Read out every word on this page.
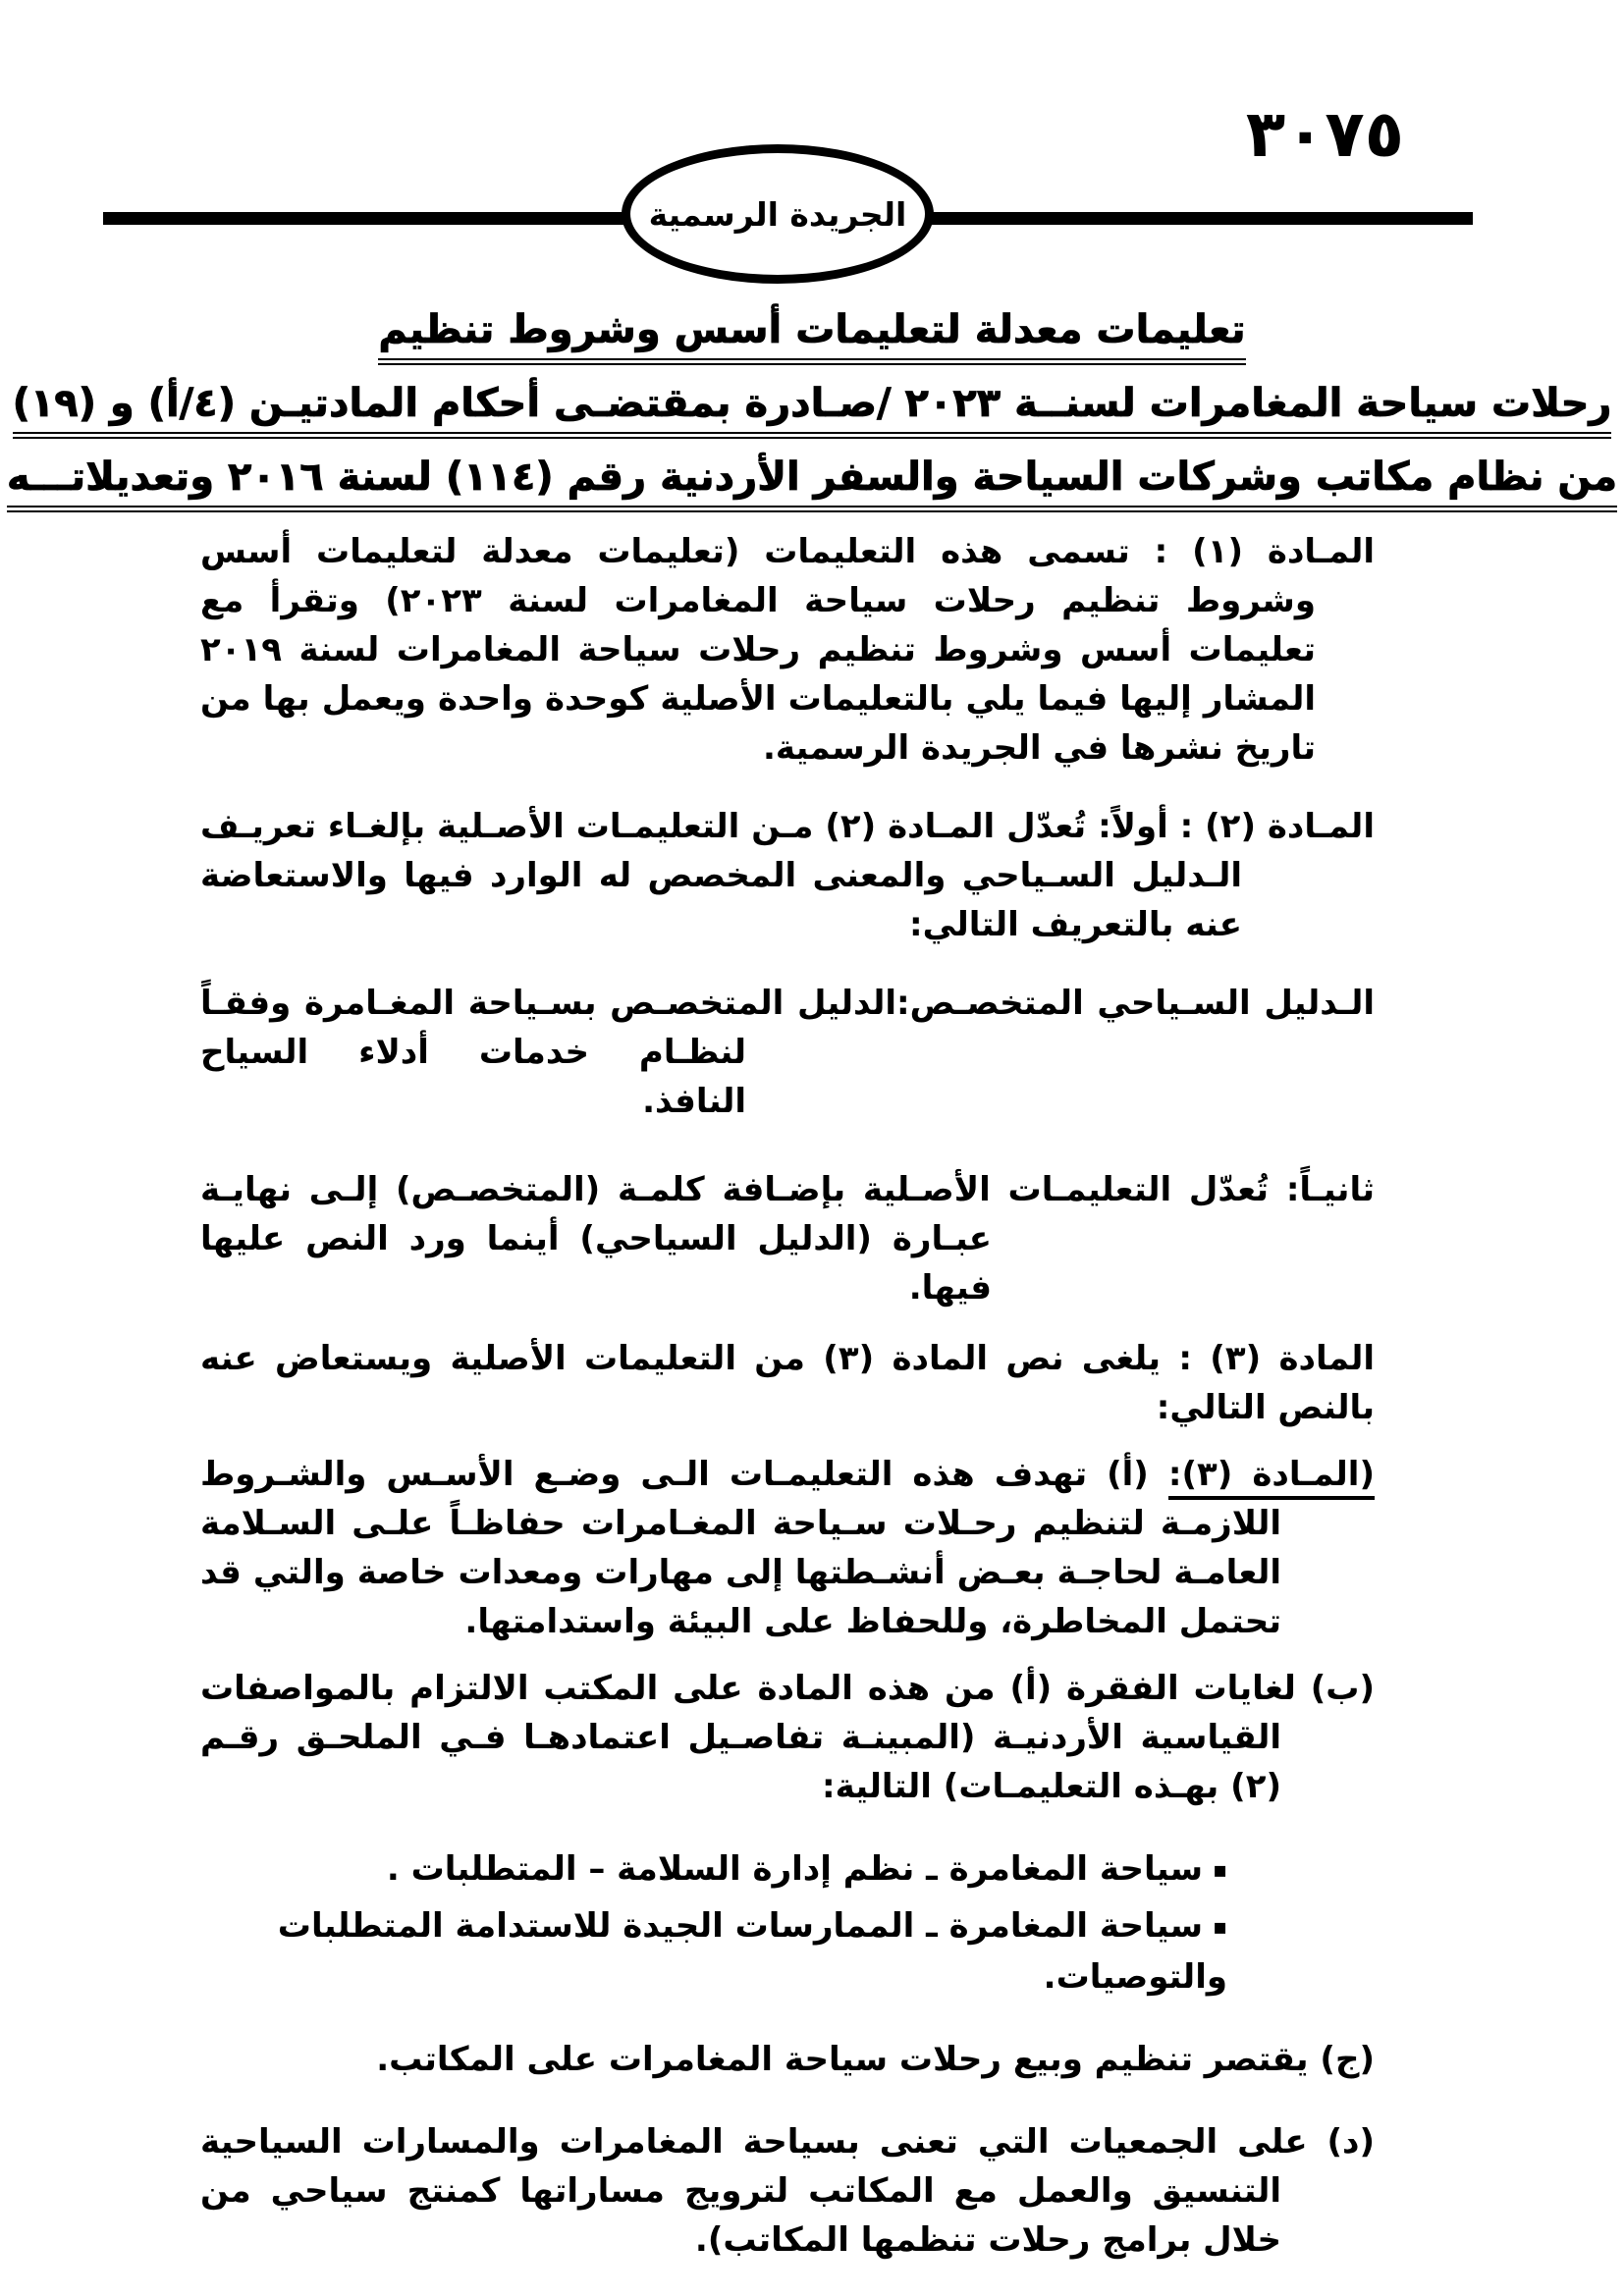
٣٠٧٥
الجريدة الرسمية
تعليمات معدلة لتعليمات أسس وشروط تنظيم
رحلات سياحة المغامرات لسنــة ٢٠٢٣ /صـادرة بمقتضـى أحكام المادتيـن (٤/أ) و (١٩)
من نظام مكاتب وشركات السياحة والسفر الأردنية رقم (١١٤) لسنة ٢٠١٦ وتعديلاتـــه

المـادة (١) : تسمى هذه التعليمات (تعليمات معدلة لتعليمات أسس وشروط تنظيم رحلات سياحة المغامرات لسنة ٢٠٢٣) وتقرأ مع تعليمات أسس وشروط تنظيم رحلات سياحة المغامرات لسنة ٢٠١٩ المشار إليها فيما يلي بالتعليمات الأصلية كوحدة واحدة ويعمل بها من تاريخ نشرها في الجريدة الرسمية.

المـادة (٢) : أولاً: تُعدّل المـادة (٢) مـن التعليمـات الأصـلية بإلغـاء تعريـف الـدليل السـياحي والمعنى المخصص له الوارد فيها والاستعاضة عنه بالتعريف التالي:

الـدليل السـياحي المتخصـص:الدليل المتخصـص بسـياحة المغـامرة وفقـاً لنظـام خدمات أدلاء السياح النافذ.

ثانيـاً: تُعدّل التعليمـات الأصـلية بإضـافة كلمـة (المتخصـص) إلـى نهايـة عبـارة (الدليل السياحي) أينما ورد النص عليها فيها.

المادة (٣) : يلغى نص المادة (٣) من التعليمات الأصلية ويستعاض عنه بالنص التالي:

(المـادة (٣): (أ) تهدف هذه التعليمـات الـى وضـع الأسـس والشـروط اللازمـة لتنظيم رحـلات سـياحة المغـامرات حفاظـاً علـى السـلامة العامـة لحاجـة بعـض أنشـطتها إلى مهارات ومعدات خاصة والتي قد تحتمل المخاطرة، وللحفاظ على البيئة واستدامتها.

(ب) لغايات الفقرة (أ) من هذه المادة على المكتب الالتزام بالمواصفات القياسية الأردنيـة (المبينـة تفاصـيل اعتمادهـا فـي الملحـق رقـم (٢) بهـذه التعليمـات) التالية:

▪سياحة المغامرة ـ نظم إدارة السلامة – المتطلبات .
▪سياحة المغامرة ـ الممارسات الجيدة للاستدامة المتطلبات والتوصيات.

(ج) يقتصر تنظيم وبيع رحلات سياحة المغامرات على المكاتب.

(د) على الجمعيات التي تعنى بسياحة المغامرات والمسارات السياحية التنسيق والعمل مع المكاتب لترويج مساراتها كمنتج سياحي من خلال برامج رحلات تنظمها المكاتب).
